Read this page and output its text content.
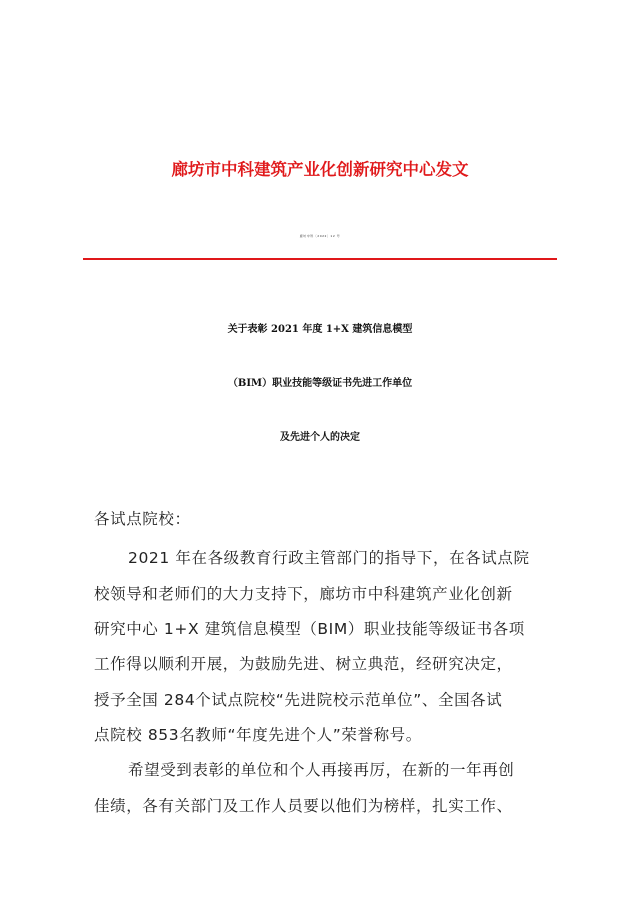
廊坊市中科建筑产业化创新研究中心发文
廊坊中科〔2022〕12 号
关于表彰 2021 年度 1+X 建筑信息模型
（BIM）职业技能等级证书先进工作单位
及先进个人的决定
各试点院校：
2021 年在各级教育行政主管部门的指导下，在各试点院
校领导和老师们的大力支持下，廊坊市中科建筑产业化创新
研究中心 1+X 建筑信息模型（BIM）职业技能等级证书各项
工作得以顺利开展，为鼓励先进、树立典范，经研究决定，
授予全国 284个试点院校“先进院校示范单位”、全国各试
点院校 853名教师“年度先进个人”荣誉称号。
希望受到表彰的单位和个人再接再厉，在新的一年再创
佳绩，各有关部门及工作人员要以他们为榜样，扎实工作、
